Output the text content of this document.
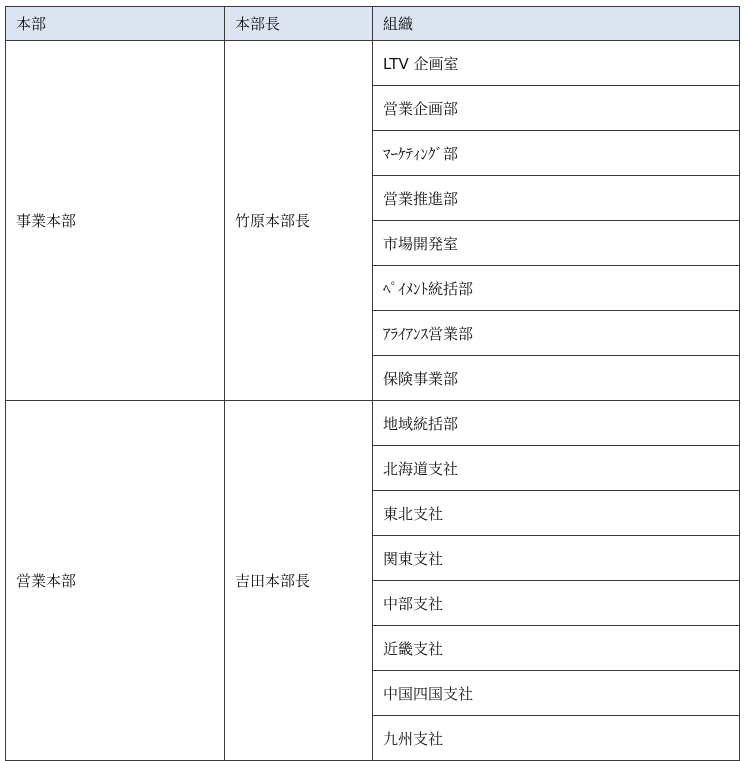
本部	本部長	組織
事業本部	竹原本部長	LTV 企画室
		営業企画部
		ﾏｰｹﾃｨﾝｸﾞ部
		営業推進部
		市場開発室
		ﾍﾟｲﾒﾝﾄ統括部
		ｱﾗｲｱﾝｽ営業部
		保険事業部
営業本部	吉田本部長	地域統括部
		北海道支社
		東北支社
		関東支社
		中部支社
		近畿支社
		中国四国支社
		九州支社
